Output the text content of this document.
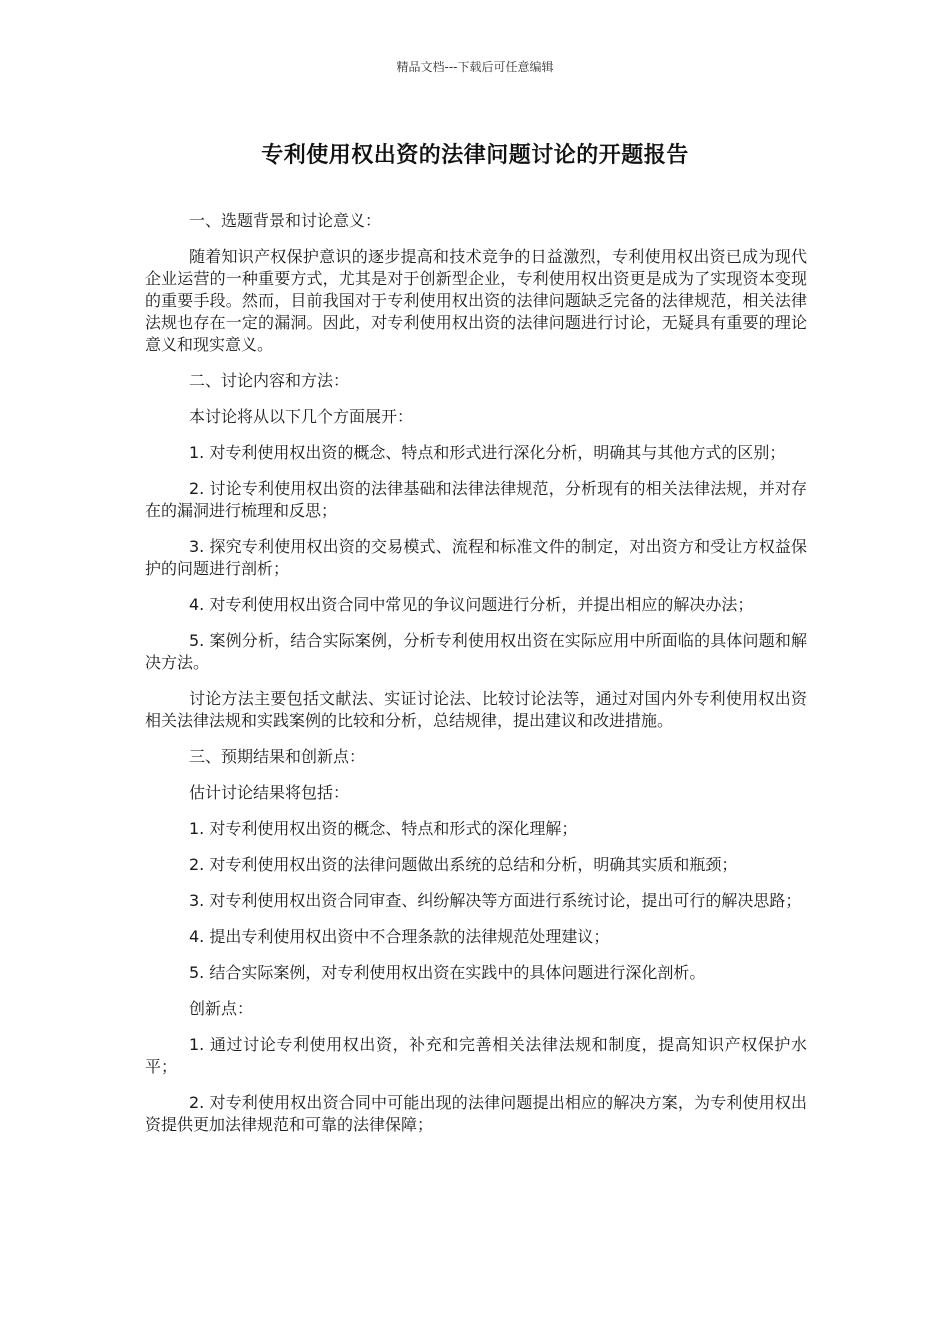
精品文档---下载后可任意编辑
专利使用权出资的法律问题讨论的开题报告

一、选题背景和讨论意义：

随着知识产权保护意识的逐步提高和技术竞争的日益激烈，专利使用权出资已成为现代企业运营的一种重要方式，尤其是对于创新型企业，专利使用权出资更是成为了实现资本变现的重要手段。然而，目前我国对于专利使用权出资的法律问题缺乏完备的法律规范，相关法律法规也存在一定的漏洞。因此，对专利使用权出资的法律问题进行讨论，无疑具有重要的理论意义和现实意义。

二、讨论内容和方法：

本讨论将从以下几个方面展开：

1. 对专利使用权出资的概念、特点和形式进行深化分析，明确其与其他方式的区别；

2. 讨论专利使用权出资的法律基础和法律法律规范，分析现有的相关法律法规，并对存在的漏洞进行梳理和反思；

3. 探究专利使用权出资的交易模式、流程和标准文件的制定，对出资方和受让方权益保护的问题进行剖析；

4. 对专利使用权出资合同中常见的争议问题进行分析，并提出相应的解决办法；

5. 案例分析，结合实际案例，分析专利使用权出资在实际应用中所面临的具体问题和解决方法。

讨论方法主要包括文献法、实证讨论法、比较讨论法等，通过对国内外专利使用权出资相关法律法规和实践案例的比较和分析，总结规律，提出建议和改进措施。

三、预期结果和创新点：

估计讨论结果将包括：

1. 对专利使用权出资的概念、特点和形式的深化理解；

2. 对专利使用权出资的法律问题做出系统的总结和分析，明确其实质和瓶颈；

3. 对专利使用权出资合同审查、纠纷解决等方面进行系统讨论，提出可行的解决思路；

4. 提出专利使用权出资中不合理条款的法律规范处理建议；

5. 结合实际案例，对专利使用权出资在实践中的具体问题进行深化剖析。

创新点：

1. 通过讨论专利使用权出资，补充和完善相关法律法规和制度，提高知识产权保护水平；

2. 对专利使用权出资合同中可能出现的法律问题提出相应的解决方案，为专利使用权出资提供更加法律规范和可靠的法律保障；
